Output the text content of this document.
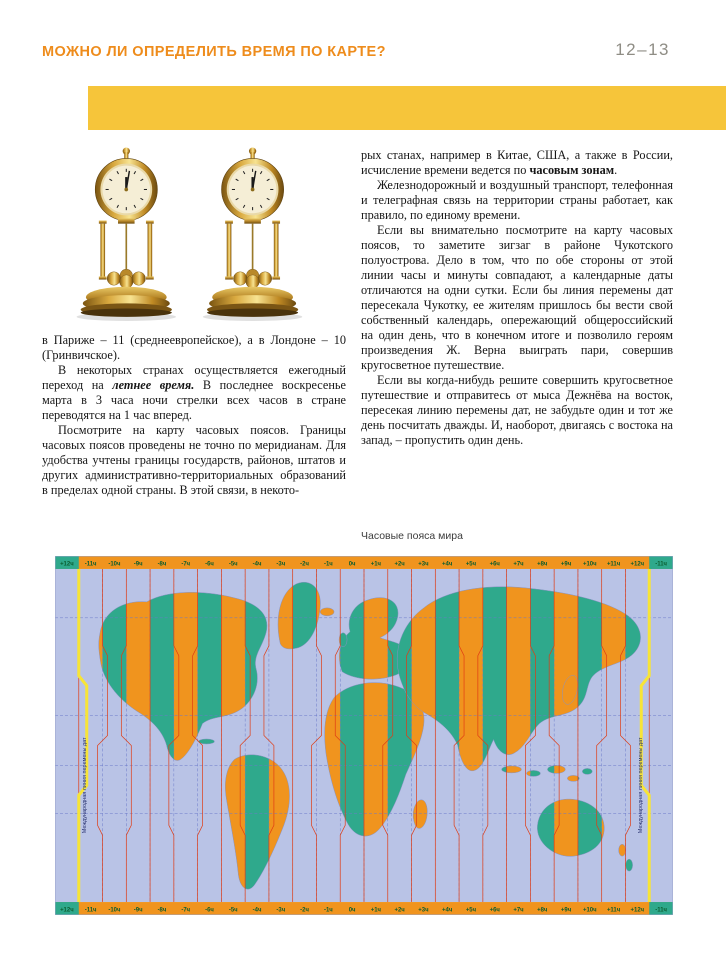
МОЖНО ЛИ ОПРЕДЕЛИТЬ ВРЕМЯ ПО КАРТЕ?	12–13

в Париже – 11 (среднеевропейское), а в Лондоне – 10 (Гринвичское).

В некоторых странах осуществляется ежегодный переход на летнее время. В последнее воскресенье марта в 3 часа ночи стрелки всех часов в стране переводятся на 1 час вперед.

Посмотрите на карту часовых поясов. Границы часовых поясов проведены не точно по меридианам. Для удобства учтены границы государств, районов, штатов и других административно-территориальных образований в пределах одной страны. В этой связи, в некото-

рых станах, например в Китае, США, а также в России, исчисление времени ведется по часовым зонам.

Железнодорожный и воздушный транспорт, телефонная и телеграфная связь на территории страны работает, как правило, по единому времени.

Если вы внимательно посмотрите на карту часовых поясов, то заметите зигзаг в районе Чукотского полуострова. Дело в том, что по обе стороны от этой линии часы и минуты совпадают, а календарные даты отличаются на одни сутки. Если бы линия перемены дат пересекала Чукотку, ее жителям пришлось бы вести свой собственный календарь, опережающий общероссийский на один день, что в конечном итоге и позволило героям произведения Ж. Верна выиграть пари, совершив кругосветное путешествие.

Если вы когда-нибудь решите совершить кругосветное путешествие и отправитесь от мыса Дежнёва на восток, пересекая линию перемены дат, не забудьте один и тот же день посчитать дважды. И, наоборот, двигаясь с востока на запад, – пропустить один день.

Часовые пояса мира
+12ч
+12ч
-11ч
-11ч
-10ч
-10ч
-9ч
-9ч
-8ч
-8ч
-7ч
-7ч
-6ч
-6ч
-5ч
-5ч
-4ч
-4ч
-3ч
-3ч
-2ч
-2ч
-1ч
-1ч
0ч
0ч
+1ч
+1ч
+2ч
+2ч
+3ч
+3ч
+4ч
+4ч
+5ч
+5ч
+6ч
+6ч
+7ч
+7ч
+8ч
+8ч
+9ч
+9ч
+10ч
+10ч
+11ч
+11ч
+12ч
+12ч
-11ч
-11ч
Международная линия перемены дат	Международная линия перемены дат
